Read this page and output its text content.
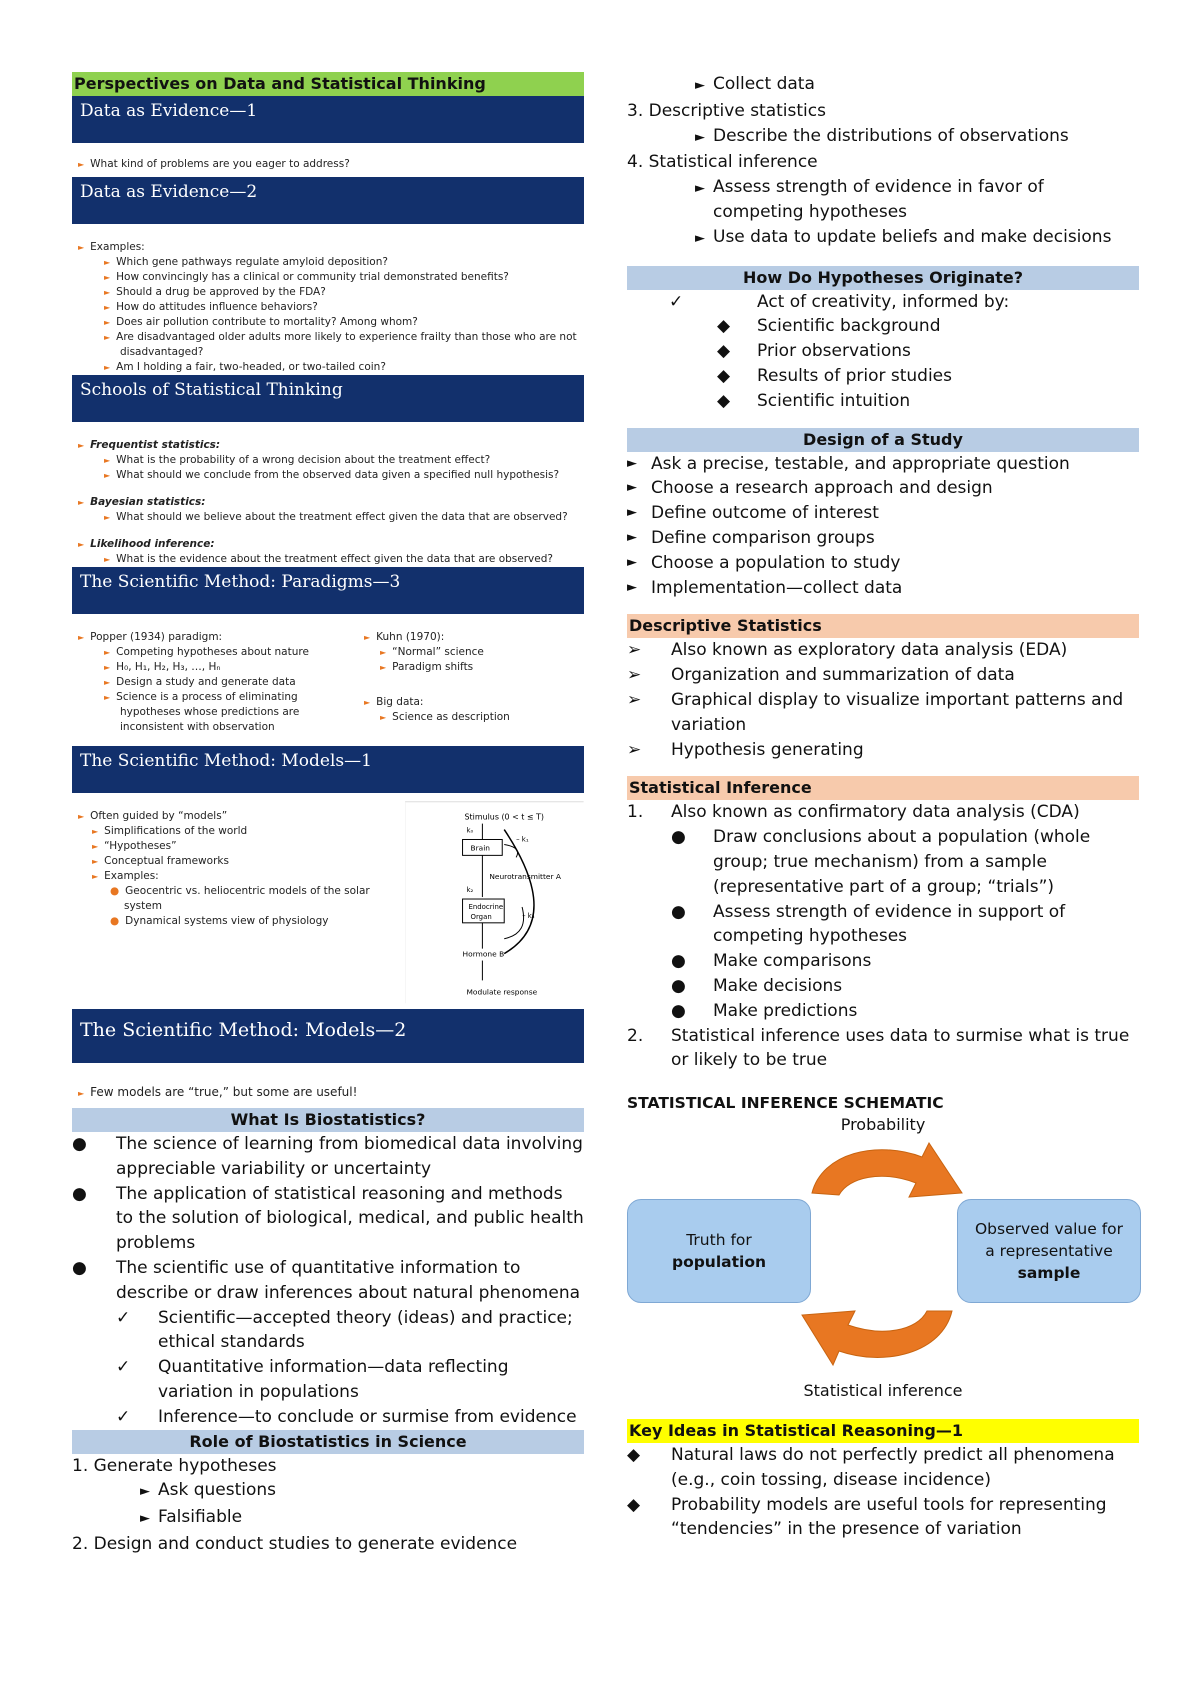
Perspectives on Data and Statistical Thinking
Data as Evidence—1
► What kind of problems are you eager to address?
Data as Evidence—2
► Examples:
► Which gene pathways regulate amyloid deposition?
► How convincingly has a clinical or community trial demonstrated benefits?
► Should a drug be approved by the FDA?
► How do attitudes influence behaviors?
► Does air pollution contribute to mortality? Among whom?
► Are disadvantaged older adults more likely to experience frailty than those who are not disadvantaged?
► Am I holding a fair, two-headed, or two-tailed coin?
Schools of Statistical Thinking
► Frequentist statistics:
► What is the probability of a wrong decision about the treatment effect?
► What should we conclude from the observed data given a specified null hypothesis?
► Bayesian statistics:
► What should we believe about the treatment effect given the data that are observed?
► Likelihood inference:
► What is the evidence about the treatment effect given the data that are observed?
The Scientific Method: Paradigms—3
► Popper (1934) paradigm:
► Competing hypotheses about nature
► H₀, H₁, H₂, H₃, …, Hₙ
► Design a study and generate data
► Science is a process of eliminating hypotheses whose predictions are inconsistent with observation
► Kuhn (1970):
► “Normal” science
► Paradigm shifts
► Big data:
► Science as description
The Scientific Method: Models—1
► Often guided by “models”
► Simplifications of the world
► “Hypotheses”
► Conceptual frameworks
► Examples:
● Geocentric vs. heliocentric models of the solar system
● Dynamical systems view of physiology
Stimulus (0 < t ≤ T)
k₀
Brain
– k₁
Neurotransmitter A
k₂
Endocrine
Organ	– k₃
Hormone B
Modulate response
The Scientific Method: Models—2
► Few models are “true,” but some are useful!
What Is Biostatistics?
●	The science of learning from biomedical data involving appreciable variability or uncertainty
●	The application of statistical reasoning and methods to the solution of biological, medical, and public health problems
●	The scientific use of quantitative information to describe or draw inferences about natural phenomena
✓	Scientific—accepted theory (ideas) and practice; ethical standards
✓	Quantitative information—data reflecting variation in populations
✓	Inference—to conclude or surmise from evidence
Role of Biostatistics in Science
1. Generate hypotheses
► Ask questions
► Falsifiable
2. Design and conduct studies to generate evidence
► Collect data
3. Descriptive statistics
► Describe the distributions of observations
4. Statistical inference
► Assess strength of evidence in favor of competing hypotheses
► Use data to update beliefs and make decisions
How Do Hypotheses Originate?
✓	Act of creativity, informed by:
◆	Scientific background
◆	Prior observations
◆	Results of prior studies
◆	Scientific intuition
Design of a Study
► Ask a precise, testable, and appropriate question
► Choose a research approach and design
► Define outcome of interest
► Define comparison groups
► Choose a population to study
► Implementation—collect data
Descriptive Statistics
➢	Also known as exploratory data analysis (EDA)
➢	Organization and summarization of data
➢	Graphical display to visualize important patterns and variation
➢	Hypothesis generating
Statistical Inference
1.	Also known as confirmatory data analysis (CDA)
●	Draw conclusions about a population (whole group; true mechanism) from a sample (representative part of a group; “trials”)
●	Assess strength of evidence in support of competing hypotheses
●	Make comparisons
●	Make decisions
●	Make predictions
2.	Statistical inference uses data to surmise what is true or likely to be true
STATISTICAL INFERENCE SCHEMATIC
Probability
Truth for
population
Observed value for
a representative
sample
Statistical inference
Key Ideas in Statistical Reasoning—1
◆	Natural laws do not perfectly predict all phenomena (e.g., coin tossing, disease incidence)
◆	Probability models are useful tools for representing “tendencies” in the presence of variation
